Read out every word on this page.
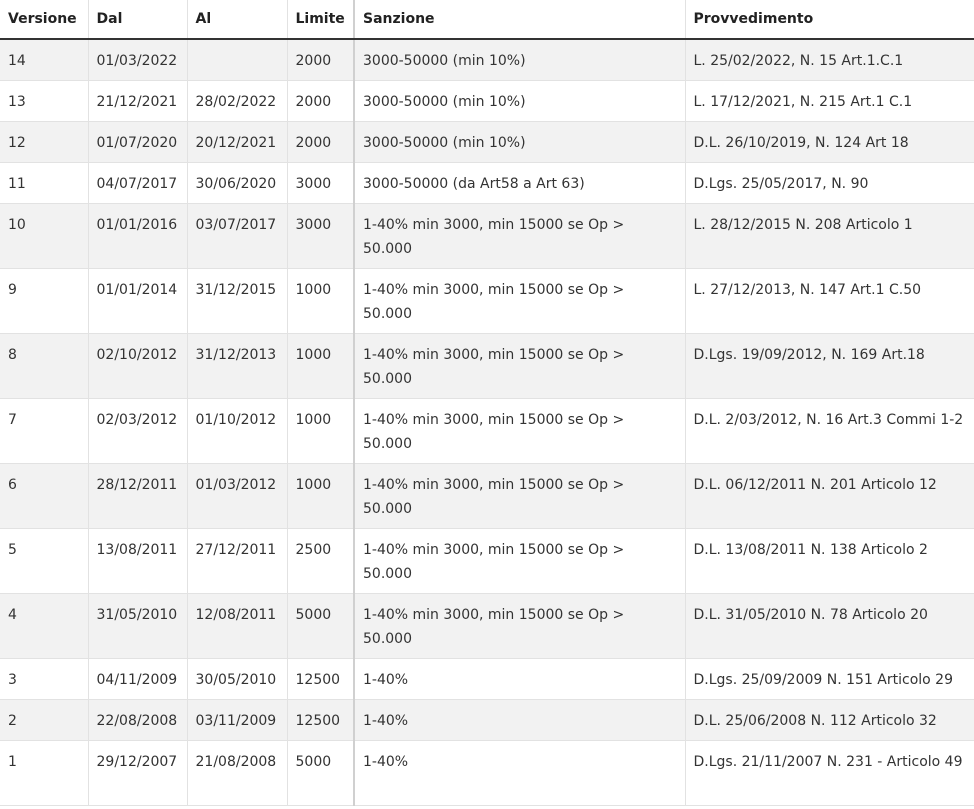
Versione	Dal	Al	Limite	Sanzione	Provvedimento
14	01/03/2022		2000	3000-50000 (min 10%)	L. 25/02/2022, N. 15 Art.1.C.1
13	21/12/2021	28/02/2022	2000	3000-50000 (min 10%)	L. 17/12/2021, N. 215 Art.1 C.1
12	01/07/2020	20/12/2021	2000	3000-50000 (min 10%)	D.L. 26/10/2019, N. 124 Art 18
11	04/07/2017	30/06/2020	3000	3000-50000 (da Art58 a Art 63)	D.Lgs. 25/05/2017, N. 90
10	01/01/2016	03/07/2017	3000	1-40% min 3000, min 15000 se Op > 50.000	L. 28/12/2015 N. 208 Articolo 1
9	01/01/2014	31/12/2015	1000	1-40% min 3000, min 15000 se Op > 50.000	L. 27/12/2013, N. 147 Art.1 C.50
8	02/10/2012	31/12/2013	1000	1-40% min 3000, min 15000 se Op > 50.000	D.Lgs. 19/09/2012, N. 169 Art.18
7	02/03/2012	01/10/2012	1000	1-40% min 3000, min 15000 se Op > 50.000	D.L. 2/03/2012, N. 16 Art.3 Commi 1-2
6	28/12/2011	01/03/2012	1000	1-40% min 3000, min 15000 se Op > 50.000	D.L. 06/12/2011 N. 201 Articolo 12
5	13/08/2011	27/12/2011	2500	1-40% min 3000, min 15000 se Op > 50.000	D.L. 13/08/2011 N. 138 Articolo 2
4	31/05/2010	12/08/2011	5000	1-40% min 3000, min 15000 se Op > 50.000	D.L. 31/05/2010 N. 78 Articolo 20
3	04/11/2009	30/05/2010	12500	1-40%	D.Lgs. 25/09/2009 N. 151 Articolo 29
2	22/08/2008	03/11/2009	12500	1-40%	D.L. 25/06/2008 N. 112 Articolo 32
1	29/12/2007	21/08/2008	5000	1-40%	D.Lgs. 21/11/2007 N. 231 - Articolo 49
